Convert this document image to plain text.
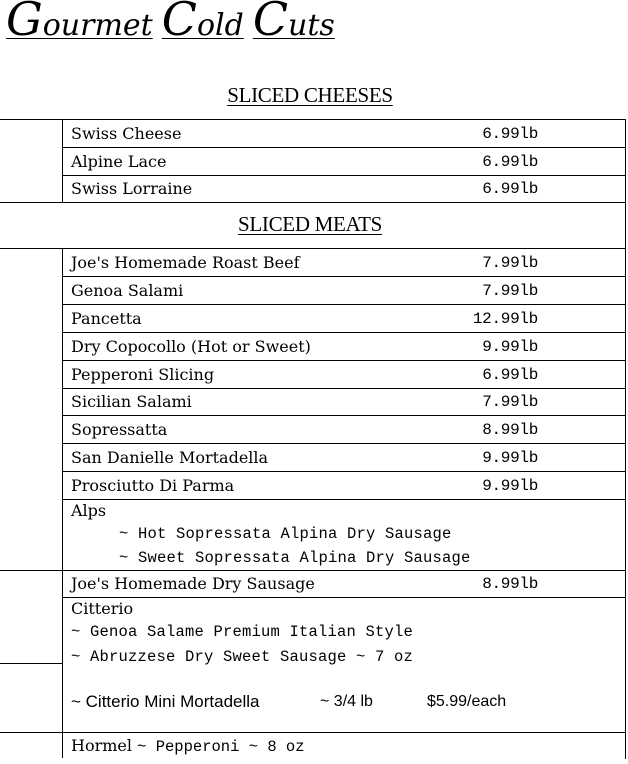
Gourmet Cold Cuts
SLICED CHEESES
Swiss Cheese	6.99lb
Alpine Lace	6.99lb
Swiss Lorraine	6.99lb
SLICED MEATS
Joe's Homemade Roast Beef	7.99lb
Genoa Salami	7.99lb
Pancetta	12.99lb
Dry Copocollo (Hot or Sweet)	9.99lb
Pepperoni Slicing	6.99lb
Sicilian Salami	7.99lb
Sopressatta	8.99lb
San Danielle Mortadella	9.99lb
Prosciutto Di Parma	9.99lb
Alps
~ Hot Sopressata Alpina Dry Sausage
~ Sweet Sopressata Alpina Dry Sausage
Joe's Homemade Dry Sausage	8.99lb
Citterio
~ Genoa Salame Premium Italian Style
~ Abruzzese Dry Sweet Sausage ~ 7 oz
~ Citterio Mini Mortadella	~ 3/4 lb	$5.99/each
Hormel ~ Pepperoni ~ 8 oz
